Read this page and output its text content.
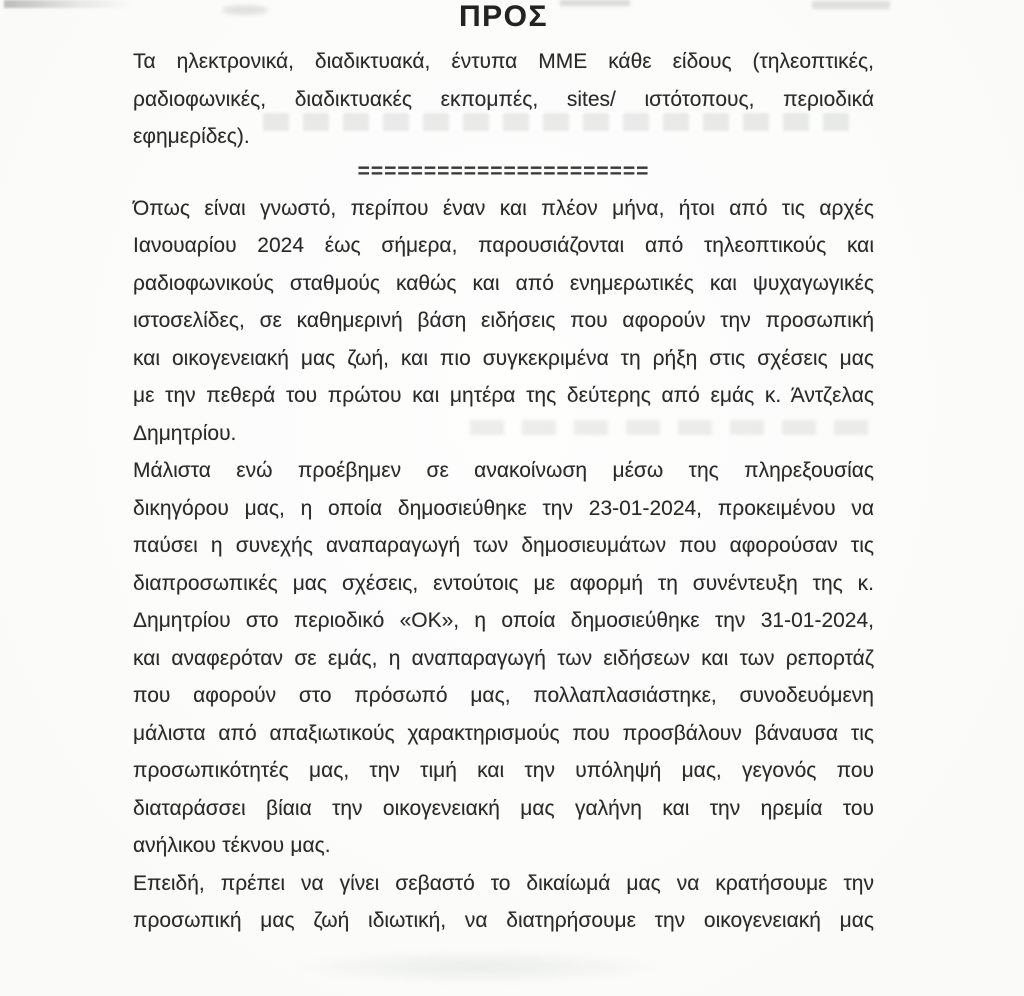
ΠΡΟΣ
Τα ηλεκτρονικά, διαδικτυακά, έντυπα ΜΜΕ κάθε είδους (τηλεοπτικές,
ραδιοφωνικές, διαδικτυακές εκπομπές, sites/ ιστότοπους, περιοδικά
εφημερίδες).
======================
Όπως είναι γνωστό, περίπου έναν και πλέον μήνα, ήτοι από τις αρχές
Ιανουαρίου 2024 έως σήμερα, παρουσιάζονται από τηλεοπτικούς και
ραδιοφωνικούς σταθμούς καθώς και από ενημερωτικές και ψυχαγωγικές
ιστοσελίδες, σε καθημερινή βάση ειδήσεις που αφορούν την προσωπική
και οικογενειακή μας ζωή, και πιο συγκεκριμένα τη ρήξη στις σχέσεις μας
με την πεθερά του πρώτου και μητέρα της δεύτερης από εμάς κ. Άντζελας
Δημητρίου.
Μάλιστα ενώ προέβημεν σε ανακοίνωση μέσω της πληρεξουσίας
δικηγόρου μας, η οποία δημοσιεύθηκε την 23-01-2024, προκειμένου να
παύσει η συνεχής αναπαραγωγή των δημοσιευμάτων που αφορούσαν τις
διαπροσωπικές μας σχέσεις, εντούτοις με αφορμή τη συνέντευξη της κ.
Δημητρίου στο περιοδικό «ΟΚ», η οποία δημοσιεύθηκε την 31-01-2024,
και αναφερόταν σε εμάς, η αναπαραγωγή των ειδήσεων και των ρεπορτάζ
που αφορούν στο πρόσωπό μας, πολλαπλασιάστηκε, συνοδευόμενη
μάλιστα από απαξιωτικούς χαρακτηρισμούς που προσβάλουν βάναυσα τις
προσωπικότητές μας, την τιμή και την υπόληψή μας, γεγονός που
διαταράσσει βίαια την οικογενειακή μας γαλήνη και την ηρεμία του
ανήλικου τέκνου μας.
Επειδή, πρέπει να γίνει σεβαστό το δικαίωμά μας να κρατήσουμε την
προσωπική μας ζωή ιδιωτική, να διατηρήσουμε την οικογενειακή μας
